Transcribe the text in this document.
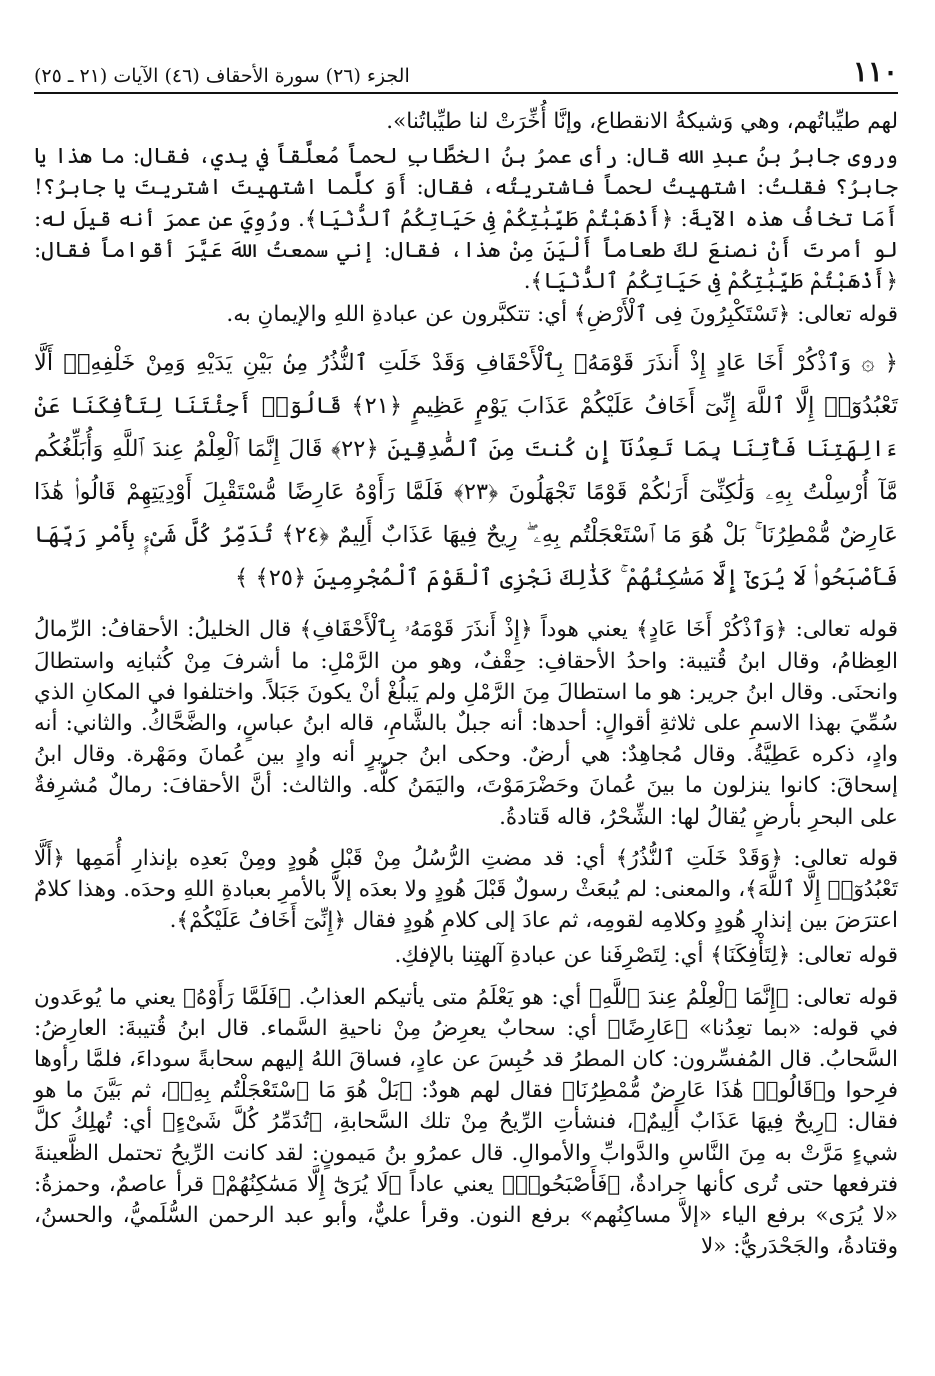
١١٠
الجزء (٢٦) سورة الأحقاف (٤٦) الآيات (٢١ ـ ٢٥)

لهم طيِّباتُهم، وهي وَشيكةُ الانقطاع، وإنَّا أُخِّرَتْ لنا طيِّباتُنا».

وروى جابرُ بنُ عبدِ الله قال: رأى عمرُ بنُ الخطَّابِ لحماً مُعلَّقاً في يدي، فقال: ما هذا يا جابرُ؟ فقلتُ: اشتهيتُ لحماً فاشتريتُه، فقال: أَوَ كلَّما اشتهيتَ اشتريتَ يا جابرُ؟! أَمَا تخافُ هذه الآيةَ: ﴿أَذْهَبْتُمْ طَيِّبَٰتِكُمْ فِى حَيَاتِكُمُ ٱلدُّنْيَا﴾. ورُوِيَ عن عمرَ أنه قيلَ له: لو أمرتَ أَنْ نصنعَ لكَ طعاماً أَلْيَنَ مِنْ هذا، فقال: إني سمعتُ اللهَ عَيَّرَ أقواماً فقال: ﴿أَذْهَبْتُمْ طَيِّبَٰتِكُمْ فِى حَيَاتِكُمُ ٱلدُّنْيَا﴾.

قوله تعالى: ﴿تَسْتَكْبِرُونَ فِى ٱلْأَرْضِ﴾ أي: تتكبَّرون عن عبادةِ اللهِ والإيمانِ به.

﴿ ۞ وَٱذْكُرْ أَخَا عَادٍ إِذْ أَنذَرَ قَوْمَهُۥ بِٱلْأَحْقَافِ وَقَدْ خَلَتِ ٱلنُّذُرُ مِنۢ بَيْنِ يَدَيْهِ وَمِنْ خَلْفِهِۦٓ أَلَّا تَعْبُدُوٓا۟ إِلَّا ٱللَّهَ إِنِّىٓ أَخَافُ عَلَيْكُمْ عَذَابَ يَوْمٍ عَظِيمٍ ﴿٢١﴾ قَالُوٓا۟ أَجِئْتَنَا لِتَأْفِكَنَا عَنْ ءَالِهَتِنَا فَأْتِنَا بِمَا تَعِدُنَآ إِن كُنتَ مِنَ ٱلصَّٰدِقِينَ ﴿٢٢﴾ قَالَ إِنَّمَا ٱلْعِلْمُ عِندَ ٱللَّهِ وَأُبَلِّغُكُم مَّآ أُرْسِلْتُ بِهِۦ وَلَٰكِنِّىٓ أَرَىٰكُمْ قَوْمًا تَجْهَلُونَ ﴿٢٣﴾ فَلَمَّا رَأَوْهُ عَارِضًا مُّسْتَقْبِلَ أَوْدِيَتِهِمْ قَالُوا۟ هَٰذَا عَارِضٌ مُّمْطِرُنَا ۚ بَلْ هُوَ مَا ٱسْتَعْجَلْتُم بِهِۦ ۖ رِيحٌ فِيهَا عَذَابٌ أَلِيمٌ ﴿٢٤﴾ تُدَمِّرُ كُلَّ شَىْءٍۭ بِأَمْرِ رَبِّهَا فَأَصْبَحُوا۟ لَا يُرَىٰٓ إِلَّا مَسَٰكِنُهُمْ ۚ كَذَٰلِكَ نَجْزِى ٱلْقَوْمَ ٱلْمُجْرِمِينَ ﴿٢٥﴾ ﴾

قوله تعالى: ﴿وَٱذْكُرْ أَخَا عَادٍ﴾ يعني هوداً ﴿إِذْ أَنذَرَ قَوْمَهُۥ بِٱلْأَحْقَافِ﴾ قال الخليلُ: الأحقافُ: الرِّمالُ العِظامُ، وقال ابنُ قُتيبة: واحدُ الأحقافِ: حِقْفٌ، وهو من الرَّمْلِ: ما أشرفَ مِنْ كُثبانِه واستطالَ وانحنَى. وقال ابنُ جرير: هو ما استطالَ مِنَ الرَّمْلِ ولم يَبلُغْ أنْ يكونَ جَبَلاً. واختلفوا في المكانِ الذي سُمِّيَ بهذا الاسمِ على ثلاثةِ أقوالٍ: أحدها: أنه جبلٌ بالشَّامِ، قاله ابنُ عباسٍ، والضَّحَّاكُ. والثاني: أنه وادٍ، ذكره عَطِيَّةُ. وقال مُجاهِدٌ: هي أرضٌ. وحكى ابنُ جريرٍ أنه وادٍ بين عُمانَ ومَهْرة. وقال ابنُ إسحاقَ: كانوا ينزلون ما بينَ عُمانَ وحَضْرَمَوْتَ، واليَمَنُ كلُّه. والثالث: أنَّ الأحقافَ: رمالٌ مُشرِفةٌ على البحرِ بأرضٍ يُقالُ لها: الشِّحْرُ، قاله قَتادةُ.

قوله تعالى: ﴿وَقَدْ خَلَتِ ٱلنُّذُرُ﴾ أي: قد مضتِ الرُّسُلُ مِنْ قَبْلِ هُودٍ ومِنْ بَعدِه بإنذارِ أُمَمِها ﴿أَلَّا تَعْبُدُوٓا۟ إِلَّا ٱللَّهَ﴾، والمعنى: لم يُبعَثْ رسولٌ قَبْلَ هُودٍ ولا بعدَه إلاَّ بالأمرِ بعبادةِ اللهِ وحدَه. وهذا كلامٌ اعترَضَ بين إنذارِ هُودٍ وكلامِه لقومِه، ثم عادَ إلى كلامِ هُودٍ فقال ﴿إِنِّىٓ أَخَافُ عَلَيْكُمْ﴾.

قوله تعالى: ﴿لِتَأْفِكَنَا﴾ أي: لِتَصْرِفَنا عن عبادةِ آلهتِنا بالإفكِ.

قوله تعالى: ﴿إِنَّمَا ٱلْعِلْمُ عِندَ ٱللَّهِ﴾ أي: هو يَعْلَمُ متى يأتيكم العذابُ. ﴿فَلَمَّا رَأَوْهُ﴾ يعني ما يُوعَدون في قوله: «بما تعِدُنا» ﴿عَارِضًا﴾ أي: سحابٌ يعرِضُ مِنْ ناحيةِ السَّماء. قال ابنُ قُتيبةَ: العارِضُ: السَّحابُ. قال المُفسِّرون: كان المطرُ قد حُبِسَ عن عادٍ، فساقَ اللهُ إليهم سحابةً سوداءَ، فلمَّا رأوها فرِحوا و﴿قَالُوا۟ هَٰذَا عَارِضٌ مُّمْطِرُنَا﴾ فقال لهم هودٌ: ﴿بَلْ هُوَ مَا ٱسْتَعْجَلْتُم بِهِۦ﴾، ثم بَيَّنَ ما هو فقال: ﴿رِيحٌ فِيهَا عَذَابٌ أَلِيمٌ﴾، فنشأتِ الرِّيحُ مِنْ تلك السَّحابةِ، ﴿تُدَمِّرُ كُلَّ شَىْءٍ﴾ أي: تُهلِكُ كلَّ شيءٍ مَرَّتْ به مِنَ النَّاسِ والدَّوابِّ والأموالِ. قال عمرُو بنُ مَيمونٍ: لقد كانت الرِّيحُ تحتمل الظَّعينةَ فترفعها حتى تُرى كأنها جرادةٌ، ﴿فَأَصْبَحُوا۟﴾ يعني عاداً ﴿لَا يُرَىٰٓ إِلَّا مَسَٰكِنُهُمْ﴾ قرأ عاصمٌ، وحمزةُ: «لا يُرَى» برفع الياء «إلاَّ مساكِنُهم» برفع النون. وقرأ عليٌّ، وأبو عبد الرحمن السُّلَميُّ، والحسنُ، وقتادةُ، والجَحْدَريُّ: «لا
